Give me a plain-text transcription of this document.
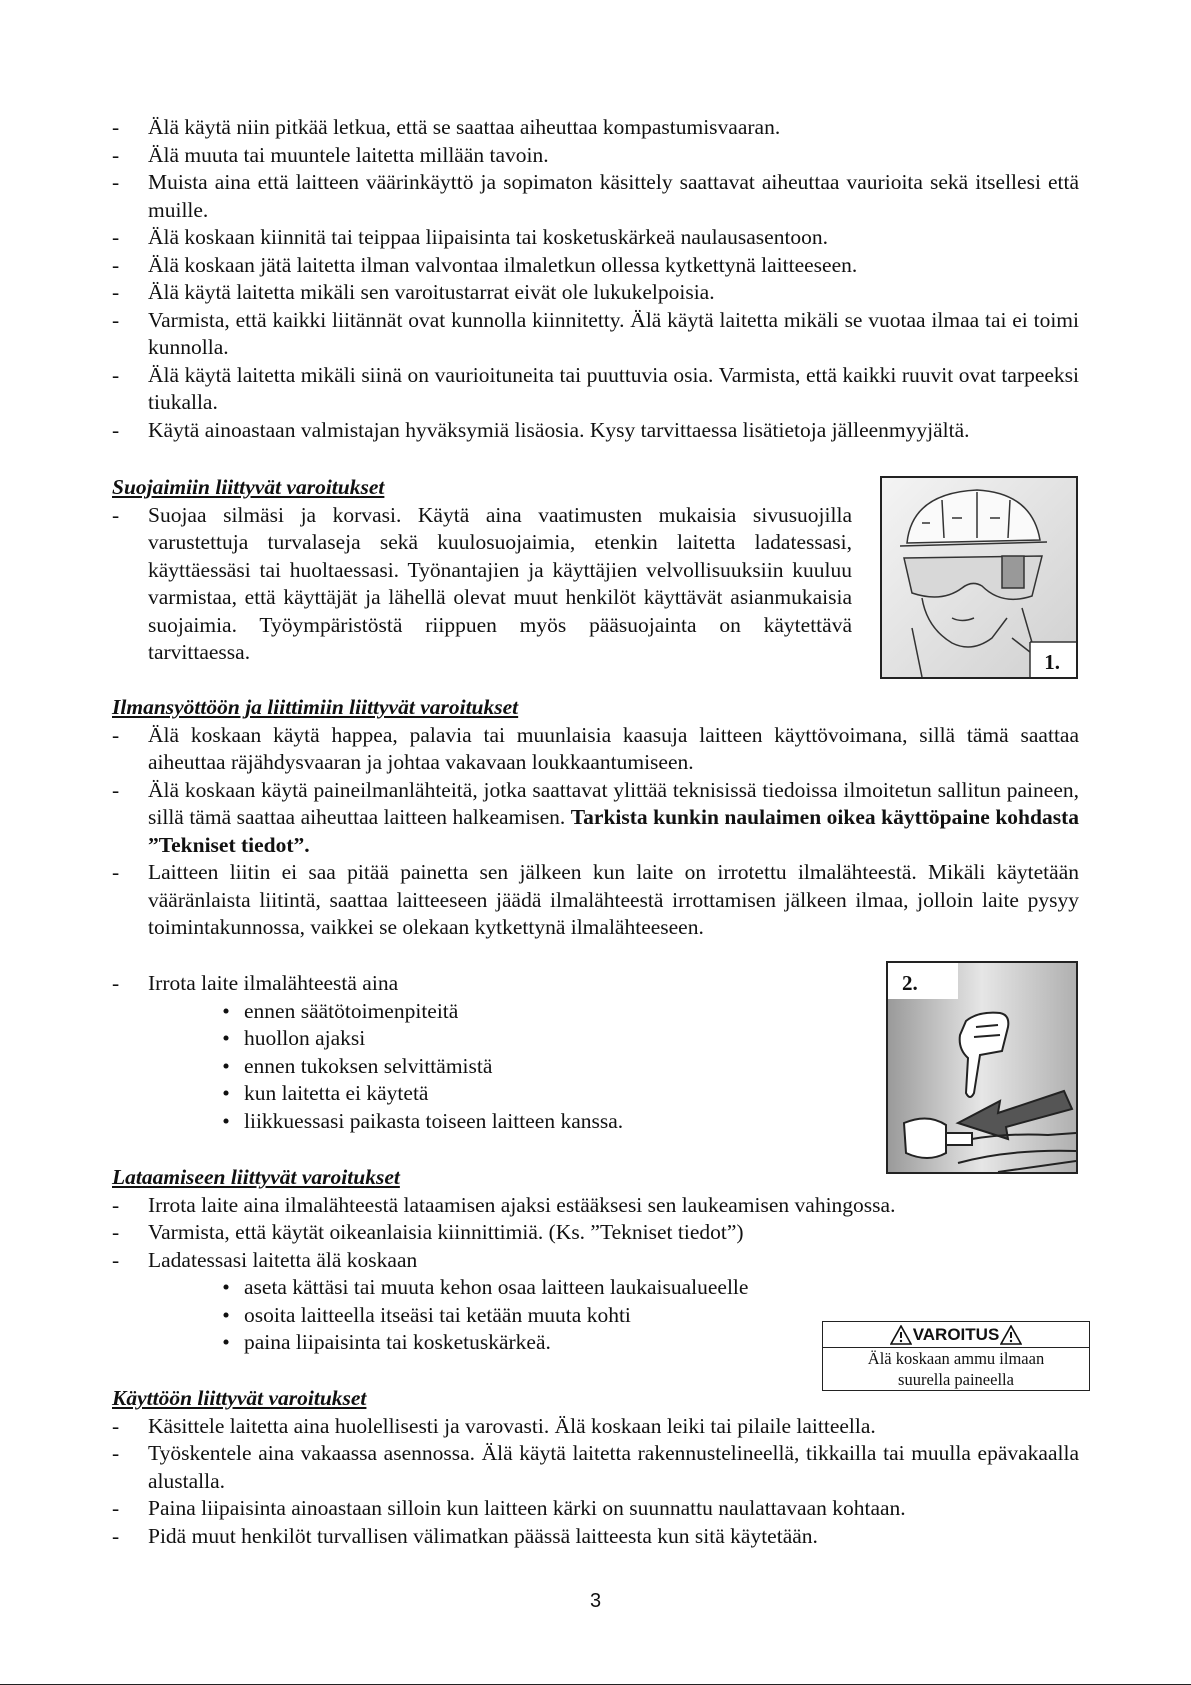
-	Älä käytä niin pitkää letkua, että se saattaa aiheuttaa kompastumisvaaran.
-	Älä muuta tai muuntele laitetta millään tavoin.
-	Muista aina että laitteen väärinkäyttö ja sopimaton käsittely saattavat aiheuttaa vaurioita sekä itsellesi että muille.
-	Älä koskaan kiinnitä tai teippaa liipaisinta tai kosketuskärkeä naulausasentoon.
-	Älä koskaan jätä laitetta ilman valvontaa ilmaletkun ollessa kytkettynä laitteeseen.
-	Älä käytä laitetta mikäli sen varoitustarrat eivät ole lukukelpoisia.
-	Varmista, että kaikki liitännät ovat kunnolla kiinnitetty. Älä käytä laitetta mikäli se vuotaa ilmaa tai ei toimi kunnolla.
-	Älä käytä laitetta mikäli siinä on vaurioituneita tai puuttuvia osia. Varmista, että kaikki ruuvit ovat tarpeeksi tiukalla.
-	Käytä ainoastaan valmistajan hyväksymiä lisäosia. Kysy tarvittaessa lisätietoja jälleenmyyjältä.
Suojaimiin liittyvät varoitukset
-	Suojaa silmäsi ja korvasi. Käytä aina vaatimusten mukaisia sivusuojilla varustettuja turvalaseja sekä kuulosuojaimia, etenkin laitetta ladatessasi, käyttäessäsi tai huoltaessasi. Työnantajien ja käyttäjien velvollisuuksiin kuuluu varmistaa, että käyttäjät ja lähellä olevat muut henkilöt käyttävät asianmukaisia suojaimia. Työympäristöstä riippuen myös pääsuojainta on käytettävä tarvittaessa.	1.
Ilmansyöttöön ja liittimiin liittyvät varoitukset
-	Älä koskaan käytä happea, palavia tai muunlaisia kaasuja laitteen käyttövoimana, sillä tämä saattaa aiheuttaa räjähdysvaaran ja johtaa vakavaan loukkaantumiseen.
-	Älä koskaan käytä paineilmanlähteitä, jotka saattavat ylittää teknisissä tiedoissa ilmoitetun sallitun paineen, sillä tämä saattaa aiheuttaa laitteen halkeamisen. Tarkista kunkin naulaimen oikea käyttöpaine kohdasta ”Tekniset tiedot”.
-	Laitteen liitin ei saa pitää painetta sen jälkeen kun laite on irrotettu ilmalähteestä. Mikäli käytetään vääränlaista liitintä, saattaa laitteeseen jäädä ilmalähteestä irrottamisen jälkeen ilmaa, jolloin laite pysyy toimintakunnossa, vaikkei se olekaan kytkettynä ilmalähteeseen.
-	Irrota laite ilmalähteestä aina
• ennen säätötoimenpiteitä
• huollon ajaksi
• ennen tukoksen selvittämistä
• kun laitetta ei käytetä
• liikkuessasi paikasta toiseen laitteen kanssa.
2.
Lataamiseen liittyvät varoitukset
-	Irrota laite aina ilmalähteestä lataamisen ajaksi estääksesi sen laukeamisen vahingossa.
-	Varmista, että käytät oikeanlaisia kiinnittimiä. (Ks. ”Tekniset tiedot”)
-	Ladatessasi laitetta älä koskaan
• aseta kättäsi tai muuta kehon osaa laitteen laukaisualueelle
• osoita laitteella itseäsi tai ketään muuta kohti
• paina liipaisinta tai kosketuskärkeä.	VAROITUS
Älä koskaan ammu ilmaan
suurella paineella
Käyttöön liittyvät varoitukset
-	Käsittele laitetta aina huolellisesti ja varovasti. Älä koskaan leiki tai pilaile laitteella.
-	Työskentele aina vakaassa asennossa. Älä käytä laitetta rakennustelineellä, tikkailla tai muulla epävakaalla alustalla.
-	Paina liipaisinta ainoastaan silloin kun laitteen kärki on suunnattu naulattavaan kohtaan.
-	Pidä muut henkilöt turvallisen välimatkan päässä laitteesta kun sitä käytetään.
3
